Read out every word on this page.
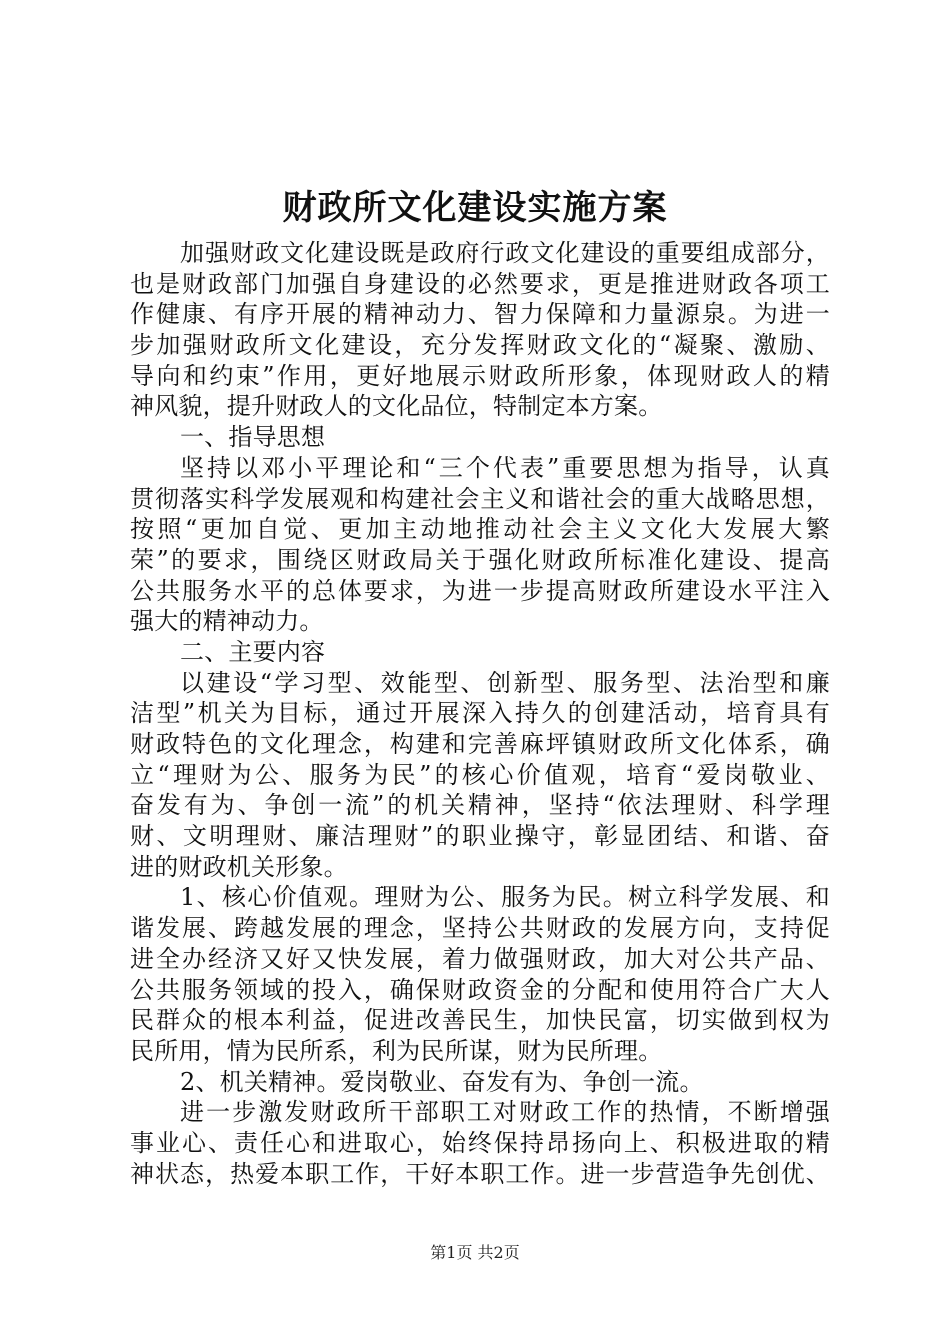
财政所文化建设实施方案
加强财政文化建设既是政府行政文化建设的重要组成部分，
也是财政部门加强自身建设的必然要求，更是推进财政各项工
作健康、有序开展的精神动力、智力保障和力量源泉。为进一
步加强财政所文化建设，充分发挥财政文化的“凝聚、激励、
导向和约束”作用，更好地展示财政所形象，体现财政人的精
神风貌，提升财政人的文化品位，特制定本方案。
一、指导思想
坚持以邓小平理论和“三个代表”重要思想为指导，认真
贯彻落实科学发展观和构建社会主义和谐社会的重大战略思想，
按照“更加自觉、更加主动地推动社会主义文化大发展大繁
荣”的要求，围绕区财政局关于强化财政所标准化建设、提高
公共服务水平的总体要求，为进一步提高财政所建设水平注入
强大的精神动力。
二、主要内容
以建设“学习型、效能型、创新型、服务型、法治型和廉
洁型”机关为目标，通过开展深入持久的创建活动，培育具有
财政特色的文化理念，构建和完善麻坪镇财政所文化体系，确
立“理财为公、服务为民”的核心价值观，培育“爱岗敬业、
奋发有为、争创一流”的机关精神，坚持“依法理财、科学理
财、文明理财、廉洁理财”的职业操守，彰显团结、和谐、奋
进的财政机关形象。
1、核心价值观。理财为公、服务为民。树立科学发展、和
谐发展、跨越发展的理念，坚持公共财政的发展方向，支持促
进全办经济又好又快发展，着力做强财政，加大对公共产品、
公共服务领域的投入，确保财政资金的分配和使用符合广大人
民群众的根本利益，促进改善民生，加快民富，切实做到权为
民所用，情为民所系，利为民所谋，财为民所理。
2、机关精神。爱岗敬业、奋发有为、争创一流。
进一步激发财政所干部职工对财政工作的热情，不断增强
事业心、责任心和进取心，始终保持昂扬向上、积极进取的精
神状态，热爱本职工作，干好本职工作。进一步营造争先创优、
第1页 共2页
